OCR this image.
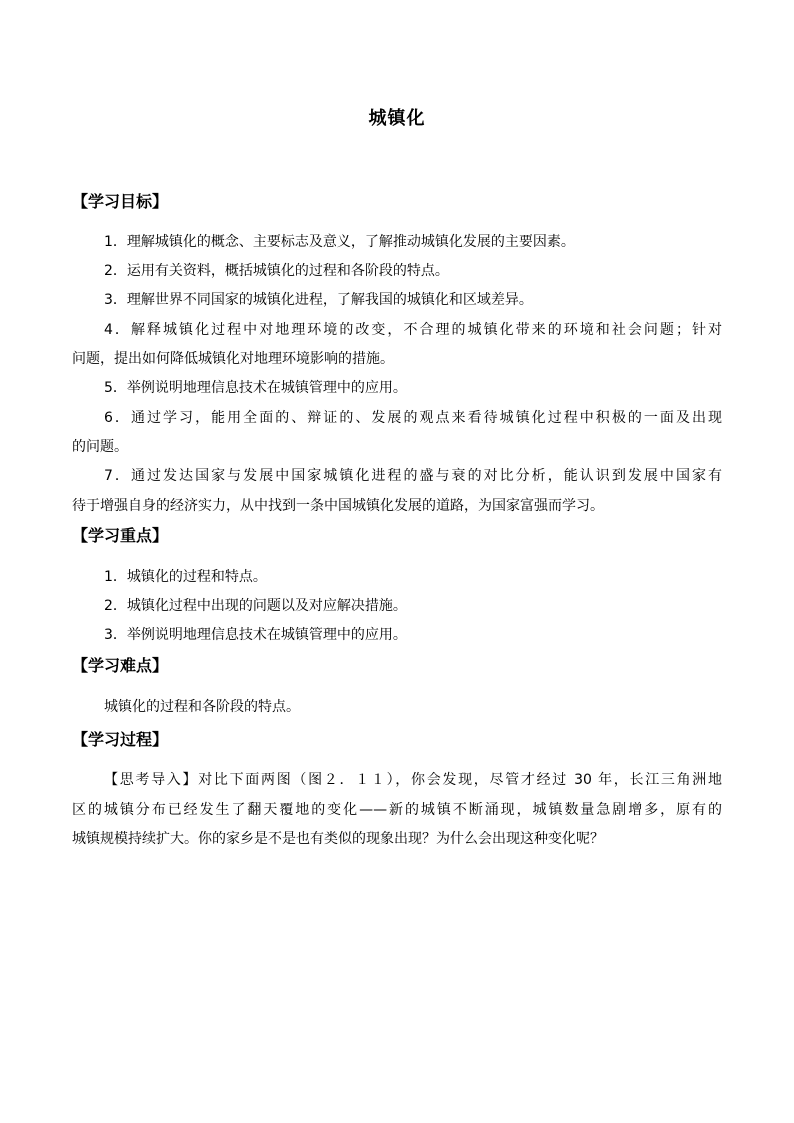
城镇化
【学习目标】
1．理解城镇化的概念、主要标志及意义，了解推动城镇化发展的主要因素。
2．运用有关资料，概括城镇化的过程和各阶段的特点。
3．理解世界不同国家的城镇化进程，了解我国的城镇化和区域差异。
4．解释城镇化过程中对地理环境的改变，不合理的城镇化带来的环境和社会问题；针对
问题，提出如何降低城镇化对地理环境影响的措施。
5．举例说明地理信息技术在城镇管理中的应用。
6．通过学习，能用全面的、辩证的、发展的观点来看待城镇化过程中积极的一面及出现
的问题。
7．通过发达国家与发展中国家城镇化进程的盛与衰的对比分析，能认识到发展中国家有
待于增强自身的经济实力，从中找到一条中国城镇化发展的道路，为国家富强而学习。
【学习重点】
1．城镇化的过程和特点。
2．城镇化过程中出现的问题以及对应解决措施。
3．举例说明地理信息技术在城镇管理中的应用。
【学习难点】
城镇化的过程和各阶段的特点。
【学习过程】
【思考导入】对比下面两图（图２．１１），你会发现，尽管才经过 30 年，长江三角洲地
区的城镇分布已经发生了翻天覆地的变化——新的城镇不断涌现，城镇数量急剧增多，原有的
城镇规模持续扩大。你的家乡是不是也有类似的现象出现？为什么会出现这种变化呢？
